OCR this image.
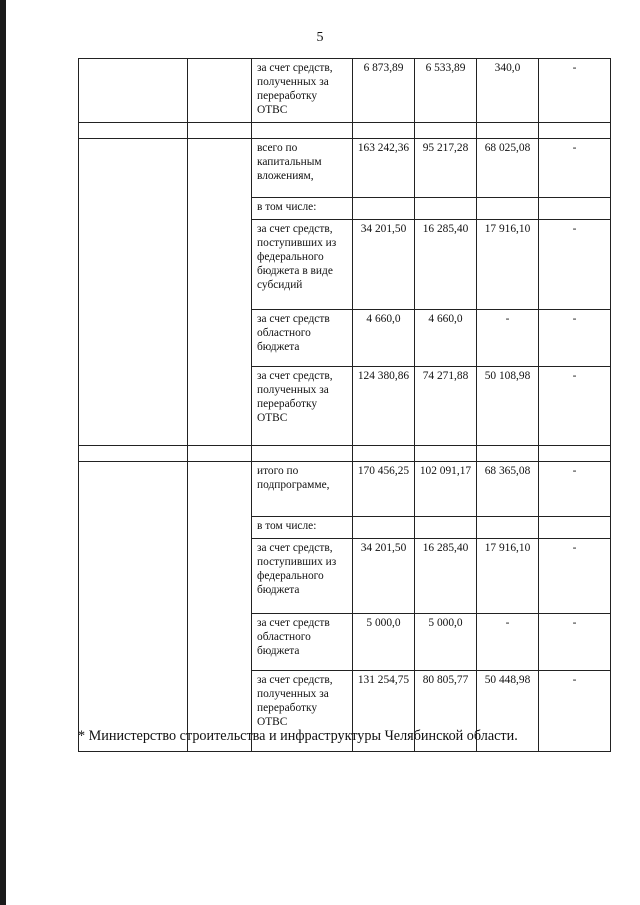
5

		за счет средств,
полученных за
переработку
ОТВС	6 873,89	6 533,89	340,0	-

		всего по
капитальным
вложениям,	163 242,36	95 217,28	68 025,08	-

		в том числе:				

		за счет средств,
поступивших из
федерального
бюджета в виде
субсидий	34 201,50	16 285,40	17 916,10	-

		за счет средств
областного
бюджета	4 660,0	4 660,0	-	-

		за счет средств,
полученных за
переработку
ОТВС	124 380,86	74 271,88	50 108,98	-

		итого по
подпрограмме,	170 456,25	102 091,17	68 365,08	-

		в том числе:				

		за счет средств,
поступивших из
федерального
бюджета	34 201,50	16 285,40	17 916,10	-

		за счет средств
областного
бюджета	5 000,0	5 000,0	-	-

		за счет средств,
полученных за
переработку
ОТВС	131 254,75	80 805,77	50 448,98	-
* Министерство строительства и инфраструктуры Челябинской области.
